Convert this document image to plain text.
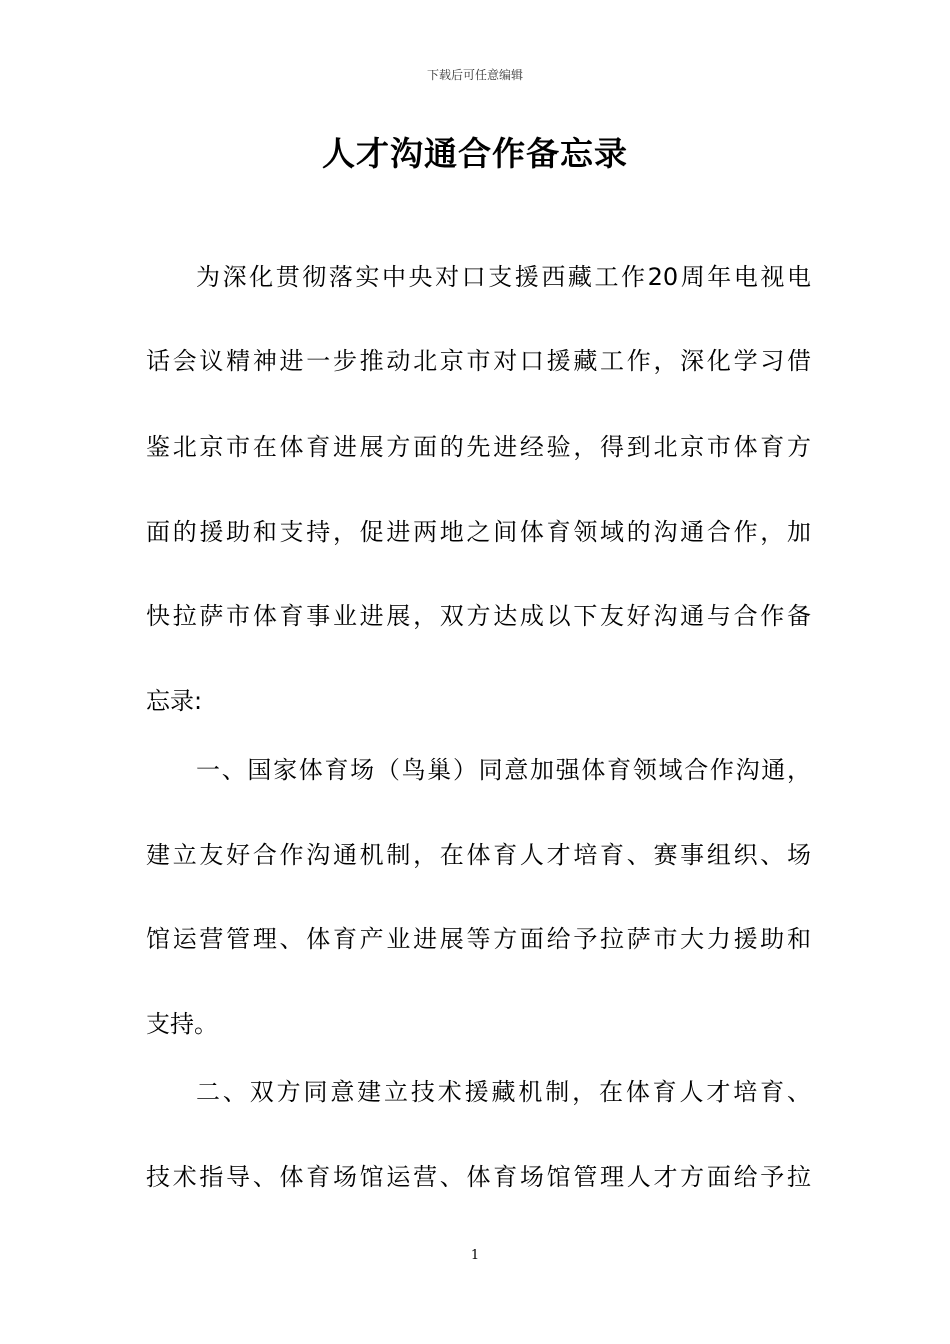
下载后可任意编辑
人才沟通合作备忘录
为深化贯彻落实中央对口支援西藏工作20周年电视电
话会议精神进一步推动北京市对口援藏工作，深化学习借
鉴北京市在体育进展方面的先进经验，得到北京市体育方
面的援助和支持，促进两地之间体育领域的沟通合作，加
快拉萨市体育事业进展，双方达成以下友好沟通与合作备
忘录:
一、国家体育场（鸟巢）同意加强体育领域合作沟通，
建立友好合作沟通机制，在体育人才培育、赛事组织、场
馆运营管理、体育产业进展等方面给予拉萨市大力援助和
支持。
二、双方同意建立技术援藏机制，在体育人才培育、
技术指导、体育场馆运营、体育场馆管理人才方面给予拉
1
